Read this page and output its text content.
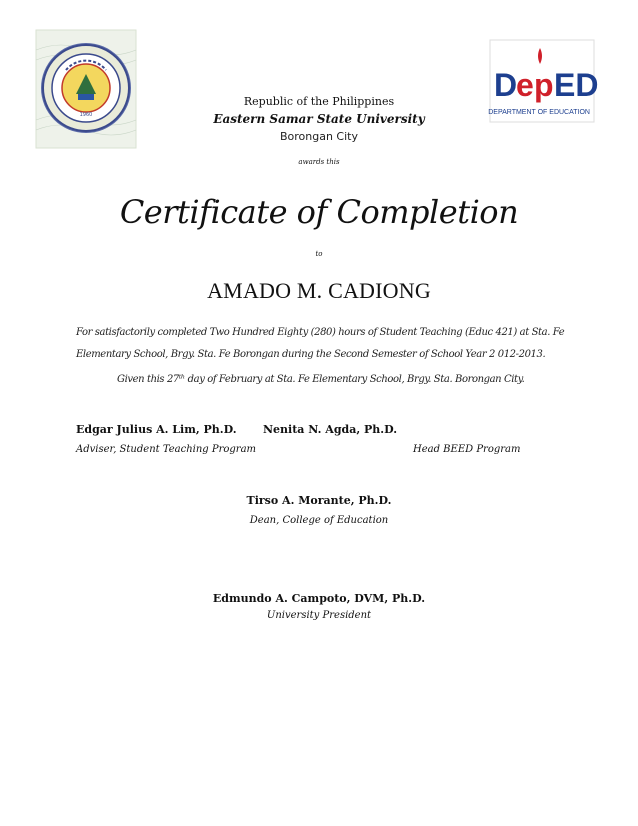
1960
D
e p ED
DEPARTMENT OF EDUCATION
Republic of the Philippines
Eastern Samar State University
Borongan City
awards this
Certificate of Completion
to
AMADO M. CADIONG
For satisfactorily completed Two Hundred Eighty (280) hours of Student Teaching (Educ 421) at Sta. Fe Elementary School, Brgy. Sta. Fe Borongan during the Second Semester of School Year 2 012-2013.
Given this 27ᵗʰ day of February at Sta. Fe Elementary School, Brgy. Sta. Borongan City.
Edgar Julius A. Lim, Ph.D.
Adviser, Student Teaching Program
Nenita N. Agda, Ph.D.
Head BEED Program
Tirso A. Morante, Ph.D.
Dean, College of Education
Edmundo A. Campoto, DVM, Ph.D.
University President
